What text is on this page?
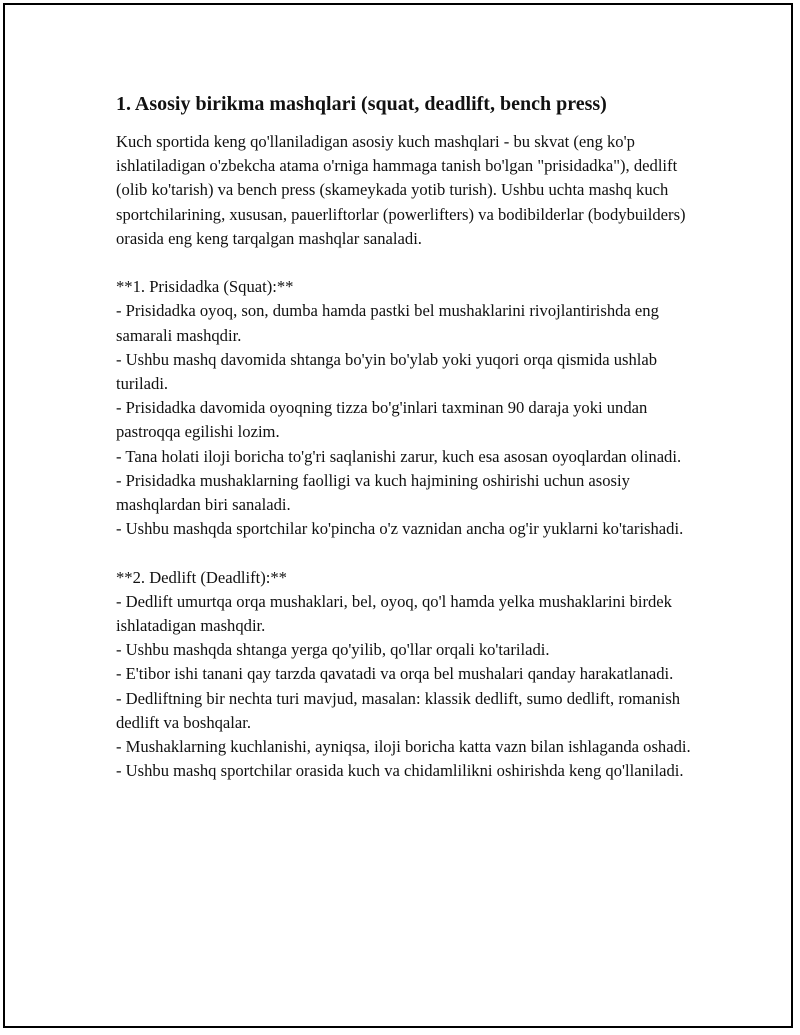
1. Asosiy birikma mashqlari (squat, deadlift, bench press)

Kuch sportida keng qo'llaniladigan asosiy kuch mashqlari - bu skvat (eng ko'p ishlatiladigan o'zbekcha atama o'rniga hammaga tanish bo'lgan "prisidadka"), dedlift (olib ko'tarish) va bench press (skameykada yotib turish). Ushbu uchta mashq kuch sportchilarining, xususan, pauerliftorlar (powerlifters) va bodibilderlar (bodybuilders) orasida eng keng tarqalgan mashqlar sanaladi.

**1. Prisidadka (Squat):**
- Prisidadka oyoq, son, dumba hamda pastki bel mushaklarini rivojlantirishda eng samarali mashqdir.
- Ushbu mashq davomida shtanga bo'yin bo'ylab yoki yuqori orqa qismida ushlab turiladi.
- Prisidadka davomida oyoqning tizza bo'g'inlari taxminan 90 daraja yoki undan pastroqqa egilishi lozim.
- Tana holati iloji boricha to'g'ri saqlanishi zarur, kuch esa asosan oyoqlardan olinadi.
- Prisidadka mushaklarning faolligi va kuch hajmining oshirishi uchun asosiy mashqlardan biri sanaladi.
- Ushbu mashqda sportchilar ko'pincha o'z vaznidan ancha og'ir yuklarni ko'tarishadi.
**2. Dedlift (Deadlift):**
- Dedlift umurtqa orqa mushaklari, bel, oyoq, qo'l hamda yelka mushaklarini birdek ishlatadigan mashqdir.
- Ushbu mashqda shtanga yerga qo'yilib, qo'llar orqali ko'tariladi.
- E'tibor ishi tanani qay tarzda qavatadi va orqa bel mushalari qanday harakatlanadi.
- Dedliftning bir nechta turi mavjud, masalan: klassik dedlift, sumo dedlift, romanish dedlift va boshqalar.
- Mushaklarning kuchlanishi, ayniqsa, iloji boricha katta vazn bilan ishlaganda oshadi.
- Ushbu mashq sportchilar orasida kuch va chidamlilikni oshirishda keng qo'llaniladi.
